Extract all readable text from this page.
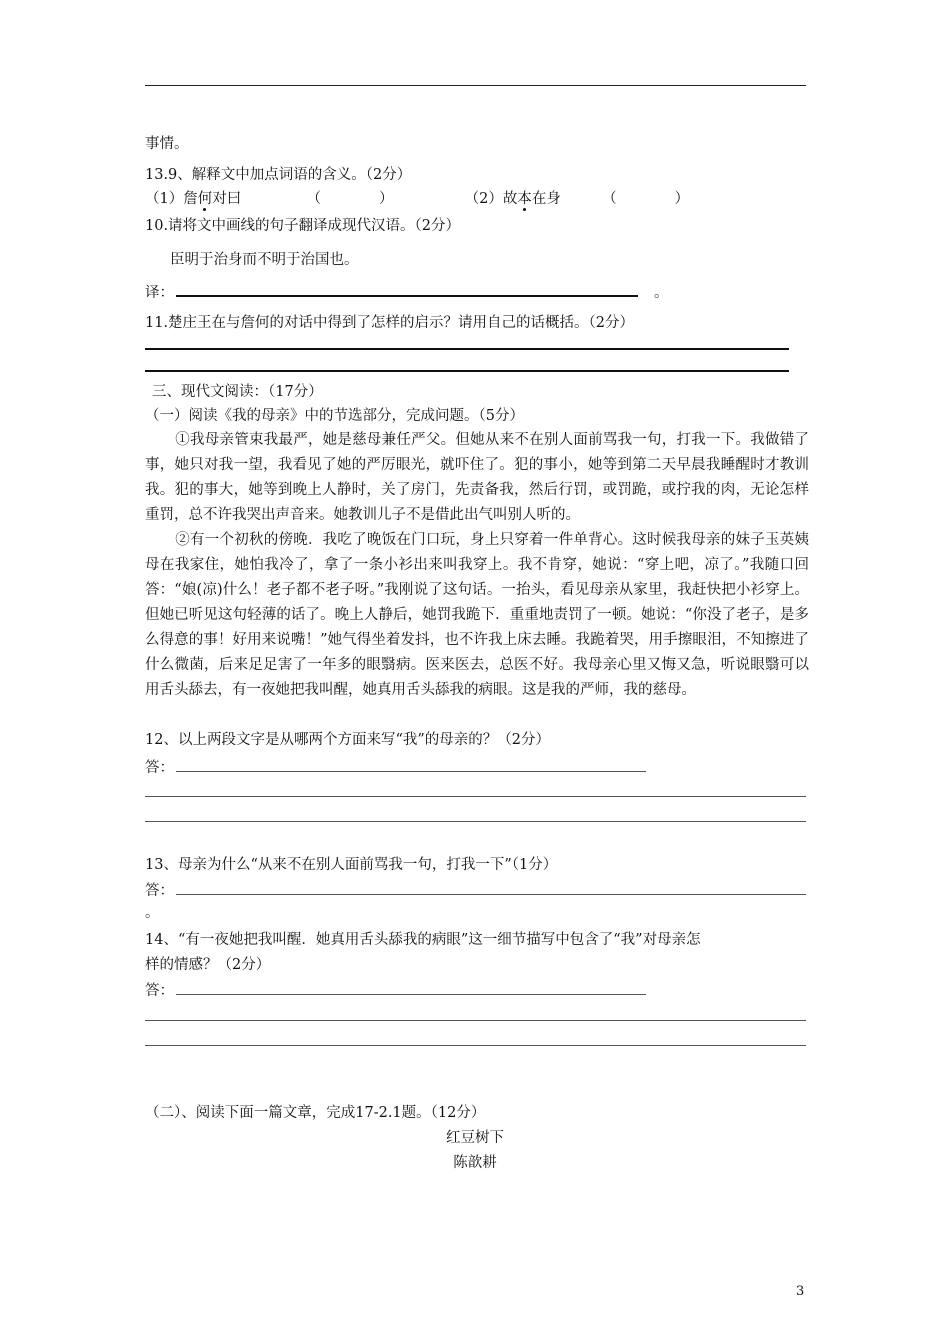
事情。
13.9、解释文中加点词语的含义。（2分）
（1）詹何对曰	（　　　　）	（2）故本在身	（　　　　）
10.请将文中画线的句子翻译成现代汉语。（2分）
臣明于治身而不明于治国也。
译：	。
11.楚庄王在与詹何的对话中得到了怎样的启示？请用自己的话概括。（2分）
三、现代文阅读：（17分）
（一）阅读《我的母亲》中的节选部分，完成问题。（5分）
①我母亲管束我最严，她是慈母兼任严父。但她从来不在别人面前骂我一句，打我一下。我做错了事，她只对我一望，我看见了她的严厉眼光，就吓住了。犯的事小，她等到第二天早晨我睡醒时才教训我。犯的事大，她等到晚上人静时，关了房门，先责备我，然后行罚，或罚跪，或拧我的肉，无论怎样重罚，总不许我哭出声音来。她教训儿子不是借此出气叫别人听的。
②有一个初秋的傍晚．我吃了晚饭在门口玩，身上只穿着一件单背心。这时候我母亲的妹子玉英姨母在我家住，她怕我冷了，拿了一条小衫出来叫我穿上。我不肯穿，她说：“穿上吧，凉了。”我随口回答：“娘(凉)什么！老子都不老子呀。”我刚说了这句话。一抬头，看见母亲从家里，我赶快把小衫穿上。但她已听见这句轻薄的话了。晚上人静后，她罚我跪下．重重地责罚了一顿。她说：“你没了老子，是多么得意的事！好用来说嘴！”她气得坐着发抖，也不许我上床去睡。我跪着哭，用手擦眼泪，不知擦进了什么微菌，后来足足害了一年多的眼翳病。医来医去，总医不好。我母亲心里又悔又急，听说眼翳可以用舌头舔去，有一夜她把我叫醒，她真用舌头舔我的病眼。这是我的严师，我的慈母。
12、以上两段文字是从哪两个方面来写“我”的母亲的？（2分）
答：
13、母亲为什么“从来不在别人面前骂我一句，打我一下”（1分）
答：
。
14、“有一夜她把我叫醒．她真用舌头舔我的病眼”这一细节描写中包含了“我”对母亲怎
样的情感？（2分）
答：
（二）、阅读下面一篇文章，完成17-2.1题。（12分）
红豆树下
陈歆耕
3
